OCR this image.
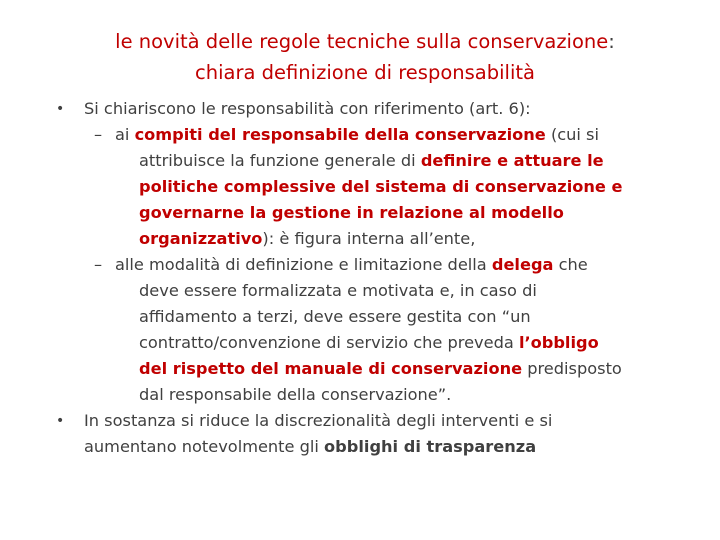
le novità delle regole tecniche sulla conservazione:
chiara definizione di responsabilità
• Si chiariscono le responsabilità con riferimento (art. 6):
– ai compiti del responsabile della conservazione (cui si
attribuisce la funzione generale di definire e attuare le
politiche complessive del sistema di conservazione e
governarne la gestione in relazione al modello
organizzativo): è figura interna all’ente,
– alle modalità di definizione e limitazione della delega che
deve essere formalizzata e motivata e, in caso di
affidamento a terzi, deve essere gestita con “un
contratto/convenzione di servizio che preveda l’obbligo
del rispetto del manuale di conservazione predisposto
dal responsabile della conservazione”.
• In sostanza si riduce la discrezionalità degli interventi e si
aumentano notevolmente gli obblighi di trasparenza
